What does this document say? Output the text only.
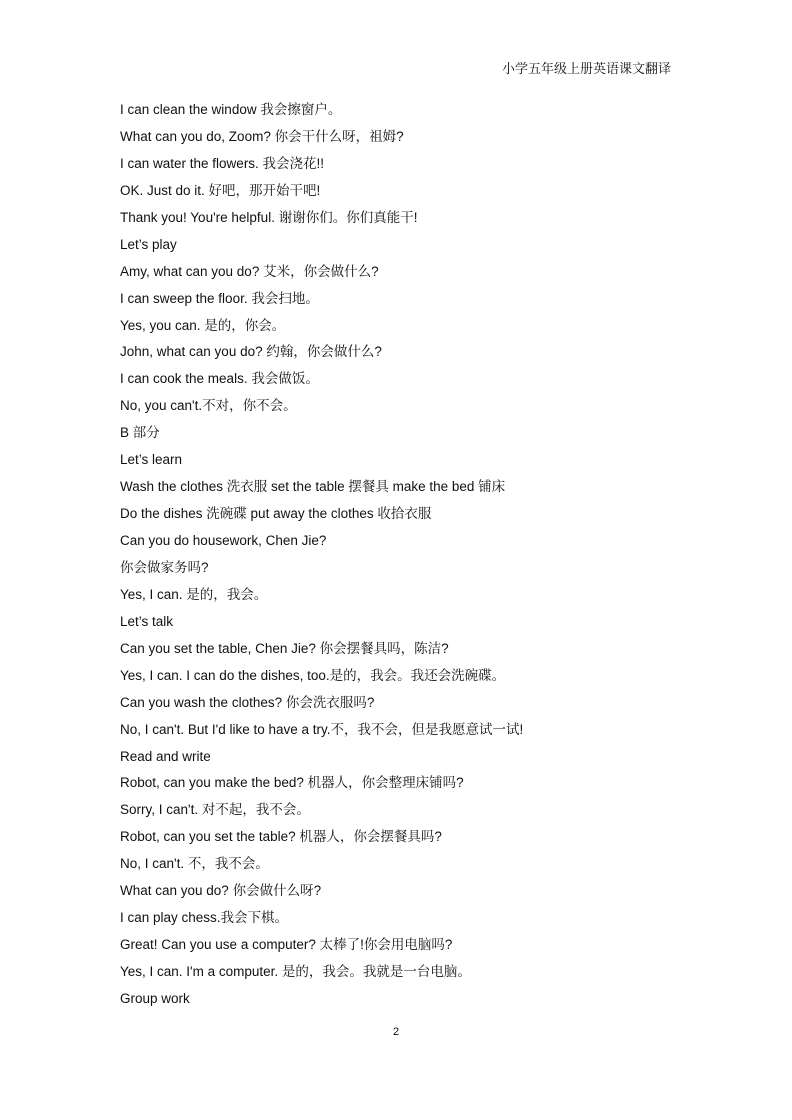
小学五年级上册英语课文翻译
I can clean the window 我会擦窗户。
What can you do, Zoom? 你会干什么呀，祖姆?
I can water the flowers. 我会浇花!!
OK. Just do it. 好吧，那开始干吧!
Thank you! You're helpful. 谢谢你们。你们真能干!
Let’s play
Amy, what can you do? 艾米，你会做什么?
I can sweep the floor. 我会扫地。
Yes, you can. 是的，你会。
John, what can you do? 约翰，你会做什么?
I can cook the meals. 我会做饭。
No, you can't.不对，你不会。
B 部分
Let’s learn
Wash the clothes 洗衣服 set the table 摆餐具 make the bed 铺床
Do the dishes 洗碗碟 put away the clothes 收拾衣服
Can you do housework, Chen Jie?
你会做家务吗?
Yes, I can. 是的，我会。
Let’s talk
Can you set the table, Chen Jie? 你会摆餐具吗，陈洁?
Yes, I can. I can do the dishes, too.是的，我会。我还会洗碗碟。
Can you wash the clothes? 你会洗衣服吗?
No, I can't. But I'd like to have a try.不，我不会，但是我愿意试一试!
Read and write
Robot, can you make the bed? 机器人，你会整理床铺吗?
Sorry, I can't. 对不起，我不会。
Robot, can you set the table? 机器人，你会摆餐具吗?
No, I can't. 不，我不会。
What can you do? 你会做什么呀?
I can play chess.我会下棋。
Great! Can you use a computer? 太棒了!你会用电脑吗?
Yes, I can. I'm a computer. 是的，我会。我就是一台电脑。
Group work
2
